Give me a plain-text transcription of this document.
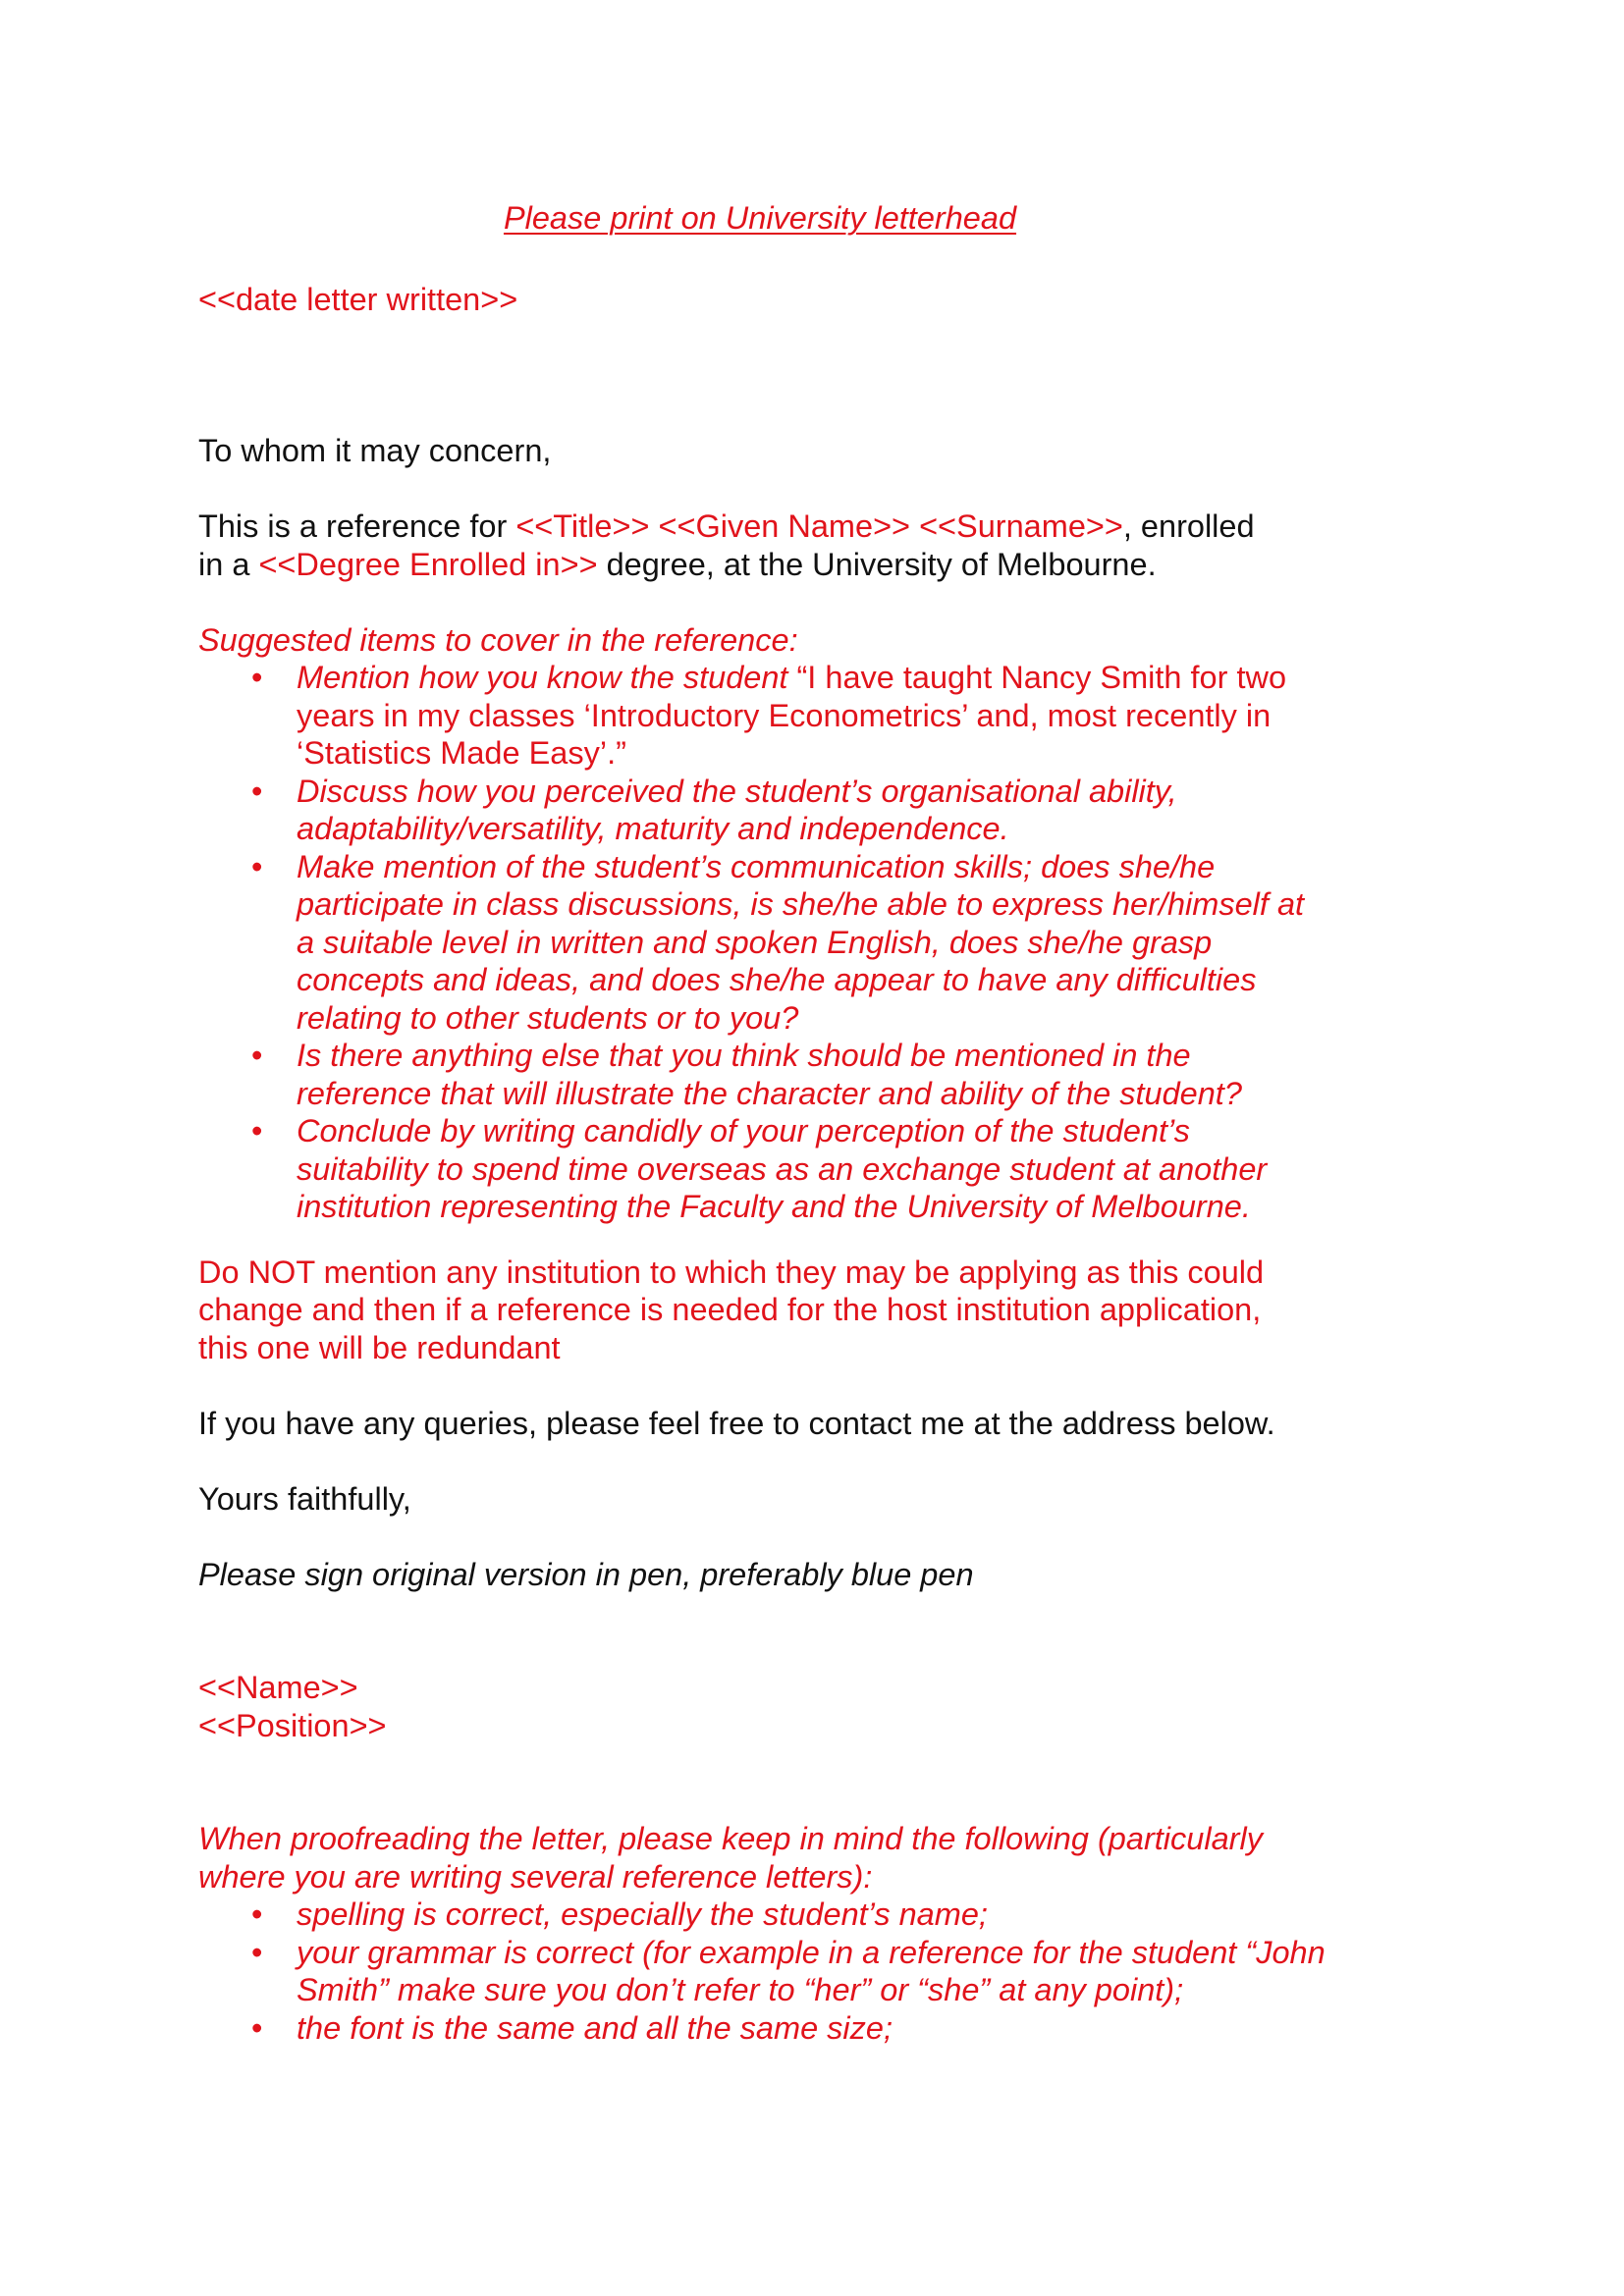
Please print on University letterhead

<<date letter written>>

To whom it may concern,

This is a reference for <<Title>> <<Given Name>> <<Surname>>, enrolled
in a <<Degree Enrolled in>> degree, at the University of Melbourne.

Suggested items to cover in the reference:

• Mention how you know the student “I have taught Nancy Smith for two years in my classes ‘Introductory Econometrics’ and, most recently in ‘Statistics Made Easy’.”
• Discuss how you perceived the student’s organisational ability, adaptability/versatility, maturity and independence.
• Make mention of the student’s communication skills; does she/he participate in class discussions, is she/he able to express her/himself at a suitable level in written and spoken English, does she/he grasp concepts and ideas, and does she/he appear to have any difficulties relating to other students or to you?
• Is there anything else that you think should be mentioned in the reference that will illustrate the character and ability of the student?
• Conclude by writing candidly of your perception of the student’s suitability to spend time overseas as an exchange student at another institution representing the Faculty and the University of Melbourne.

Do NOT mention any institution to which they may be applying as this could change and then if a reference is needed for the host institution application, this one will be redundant

If you have any queries, please feel free to contact me at the address below.

Yours faithfully,

Please sign original version in pen, preferably blue pen

<<Name>>

<<Position>>

When proofreading the letter, please keep in mind the following (particularly where you are writing several reference letters):

• spelling is correct, especially the student’s name;
• your grammar is correct (for example in a reference for the student “John Smith” make sure you don’t refer to “her” or “she” at any point);
• the font is the same and all the same size;
